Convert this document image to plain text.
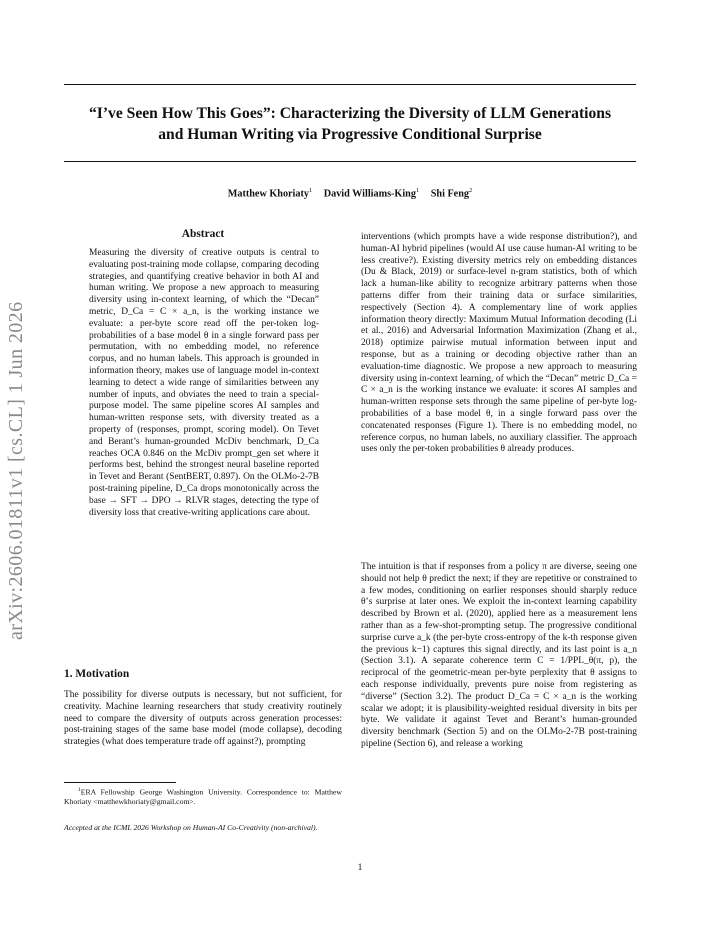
“I’ve Seen How This Goes”: Characterizing the Diversity of LLM Generations
and Human Writing via Progressive Conditional Surprise
Matthew Khoriaty$^1$ David Williams-King$^1$ Shi Feng$^2$
arXiv:2606.01811v1 [cs.CL] 1 Jun 2026
Abstract

Measuring the diversity of creative outputs is central to evaluating post-training mode collapse, comparing decoding strategies, and quantifying creative behavior in both AI and human writing. We propose a new approach to measuring diversity using in-context learning, of which the “Decan” metric, D_Ca = C × a_n, is the working instance we evaluate: a per-byte score read off the per-token log-probabilities of a base model θ in a single forward pass per permutation, with no embedding model, no reference corpus, and no human labels. This approach is grounded in information theory, makes use of language model in-context learning to detect a wide range of similarities between any number of inputs, and obviates the need to train a special-purpose model. The same pipeline scores AI samples and human-written response sets, with diversity treated as a property of (responses, prompt, scoring model). On Tevet and Berant’s human-grounded McDiv benchmark, D_Ca reaches OCA 0.846 on the McDiv prompt_gen set where it performs best, behind the strongest neural baseline reported in Tevet and Berant (SentBERT, 0.897). On the OLMo-2-7B post-training pipeline, D_Ca drops monotonically across the base → SFT → DPO → RLVR stages, detecting the type of diversity loss that creative-writing applications care about.

1. Motivation

The possibility for diverse outputs is necessary, but not sufficient, for creativity. Machine learning researchers that study creativity routinely need to compare the diversity of outputs across generation processes: post-training stages of the same base model (mode collapse), decoding strategies (what does temperature trade off against?), prompting

$^1$ERA Fellowship George Washington University. Correspondence to: Matthew Khoriaty <matthewkhoriaty@gmail.com>.
Accepted at the ICML 2026 Workshop on Human-AI Co-Creativity (non-archival).

interventions (which prompts have a wide response distribution?), and human-AI hybrid pipelines (would AI use cause human-AI writing to be less creative?). Existing diversity metrics rely on embedding distances (Du & Black, 2019) or surface-level n-gram statistics, both of which lack a human-like ability to recognize arbitrary patterns when those patterns differ from their training data or surface similarities, respectively (Section 4). A complementary line of work applies information theory directly: Maximum Mutual Information decoding (Li et al., 2016) and Adversarial Information Maximization (Zhang et al., 2018) optimize pairwise mutual information between input and response, but as a training or decoding objective rather than an evaluation-time diagnostic. We propose a new approach to measuring diversity using in-context learning, of which the “Decan” metric D_Ca = C × a_n is the working instance we evaluate: it scores AI samples and human-written response sets through the same pipeline of per-byte log-probabilities of a base model θ, in a single forward pass over the concatenated responses (Figure 1). There is no embedding model, no reference corpus, no human labels, no auxiliary classifier. The approach uses only the per-token probabilities θ already produces.

The intuition is that if responses from a policy π are diverse, seeing one should not help θ predict the next; if they are repetitive or constrained to a few modes, conditioning on earlier responses should sharply reduce θ’s surprise at later ones. We exploit the in-context learning capability described by Brown et al. (2020), applied here as a measurement lens rather than as a few-shot-prompting setup. The progressive conditional surprise curve a_k (the per-byte cross-entropy of the k-th response given the previous k−1) captures this signal directly, and its last point is a_n (Section 3.1). A separate coherence term C = 1/PPL_θ(π, p), the reciprocal of the geometric-mean per-byte perplexity that θ assigns to each response individually, prevents pure noise from registering as “diverse” (Section 3.2). The product D_Ca = C × a_n is the working scalar we adopt; it is plausibility-weighted residual diversity in bits per byte. We validate it against Tevet and Berant’s human-grounded diversity benchmark (Section 5) and on the OLMo-2-7B post-training pipeline (Section 6), and release a working

1
